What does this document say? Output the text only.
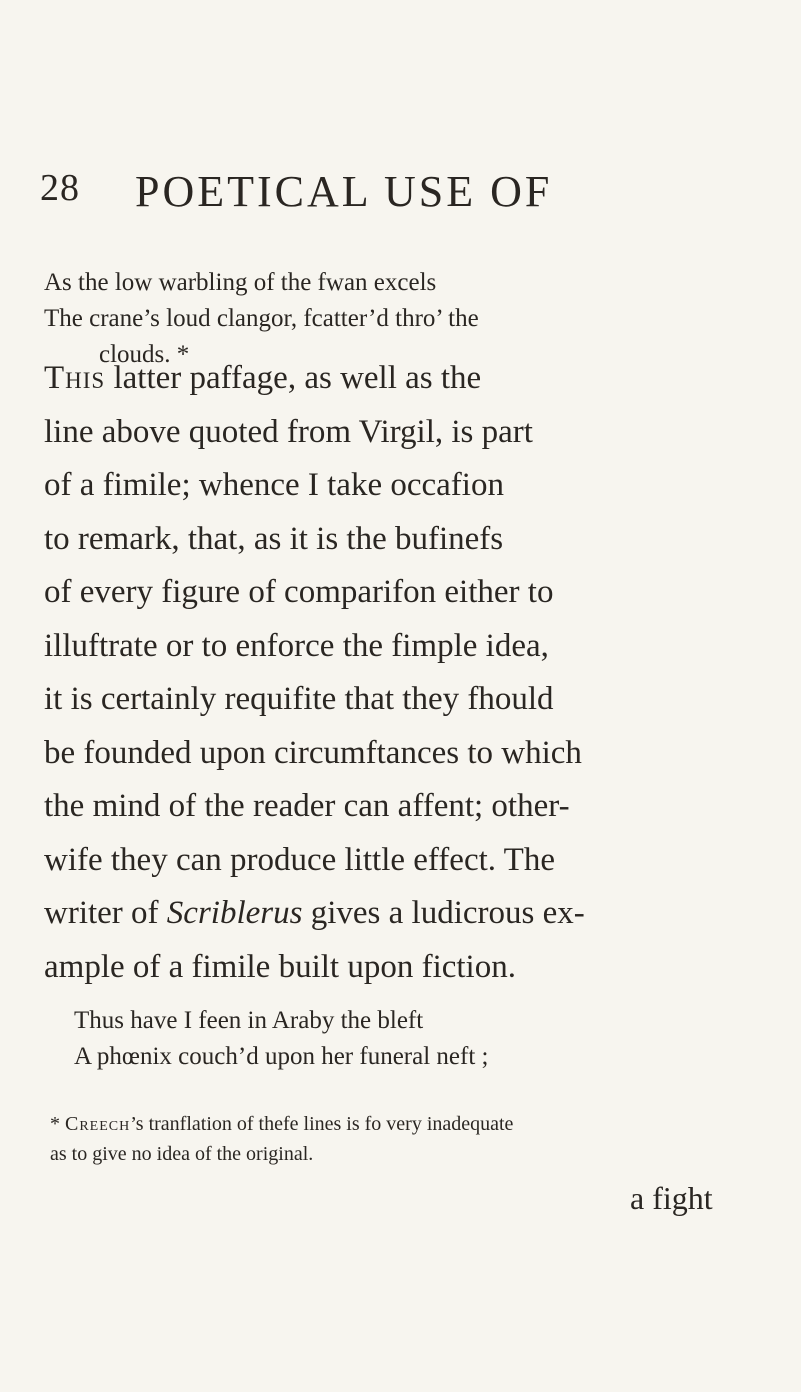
28 POETICAL USE OF
As the low warbling of the fwan excels
The crane’s loud clangor, fcatter’d thro’ the
clouds. *
This latter paffage, as well as the
line above quoted from Virgil, is part
of a fimile; whence I take occafion
to remark, that, as it is the bufinefs
of every figure of comparifon either to
illuftrate or to enforce the fimple idea,
it is certainly requifite that they fhould
be founded upon circumftances to which
the mind of the reader can affent; other-
wife they can produce little effect. The
writer of Scriblerus gives a ludicrous ex-
ample of a fimile built upon fiction.
Thus have I feen in Araby the bleft
A phœnix couch’d upon her funeral neft ;
* Creech’s tranflation of thefe lines is fo very inadequate
as to give no idea of the original.
a fight
